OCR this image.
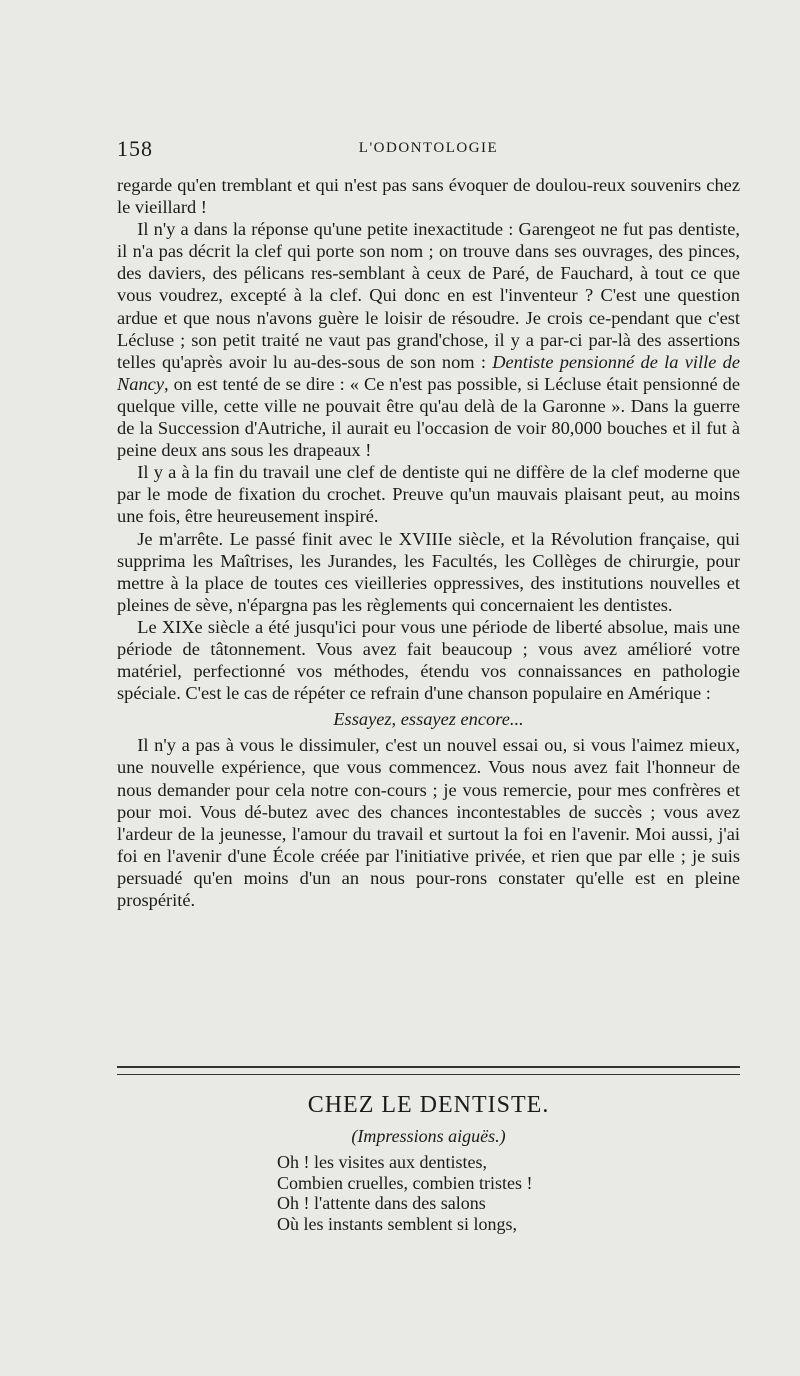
158	L'ODONTOLOGIE

regarde qu'en tremblant et qui n'est pas sans évoquer de doulou-reux souvenirs chez le vieillard !

Il n'y a dans la réponse qu'une petite inexactitude : Garengeot ne fut pas dentiste, il n'a pas décrit la clef qui porte son nom ; on trouve dans ses ouvrages, des pinces, des daviers, des pélicans res-semblant à ceux de Paré, de Fauchard, à tout ce que vous voudrez, excepté à la clef. Qui donc en est l'inventeur ? C'est une question ardue et que nous n'avons guère le loisir de résoudre. Je crois ce-pendant que c'est Lécluse ; son petit traité ne vaut pas grand'chose, il y a par-ci par-là des assertions telles qu'après avoir lu au-des-sous de son nom : Dentiste pensionné de la ville de Nancy, on est tenté de se dire : « Ce n'est pas possible, si Lécluse était pensionné de quelque ville, cette ville ne pouvait être qu'au delà de la Garonne ». Dans la guerre de la Succession d'Autriche, il aurait eu l'occasion de voir 80,000 bouches et il fut à peine deux ans sous les drapeaux !

Il y a à la fin du travail une clef de dentiste qui ne diffère de la clef moderne que par le mode de fixation du crochet. Preuve qu'un mauvais plaisant peut, au moins une fois, être heureusement inspiré.

Je m'arrête. Le passé finit avec le XVIIIe siècle, et la Révolution française, qui supprima les Maîtrises, les Jurandes, les Facultés, les Collèges de chirurgie, pour mettre à la place de toutes ces vieilleries oppressives, des institutions nouvelles et pleines de sève, n'épargna pas les règlements qui concernaient les dentistes.

Le XIXe siècle a été jusqu'ici pour vous une période de liberté absolue, mais une période de tâtonnement. Vous avez fait beaucoup ; vous avez amélioré votre matériel, perfectionné vos méthodes, étendu vos connaissances en pathologie spéciale. C'est le cas de répéter ce refrain d'une chanson populaire en Amérique :

Essayez, essayez encore...

Il n'y a pas à vous le dissimuler, c'est un nouvel essai ou, si vous l'aimez mieux, une nouvelle expérience, que vous commencez. Vous nous avez fait l'honneur de nous demander pour cela notre con-cours ; je vous remercie, pour mes confrères et pour moi. Vous dé-butez avec des chances incontestables de succès ; vous avez l'ardeur de la jeunesse, l'amour du travail et surtout la foi en l'avenir. Moi aussi, j'ai foi en l'avenir d'une École créée par l'initiative privée, et rien que par elle ; je suis persuadé qu'en moins d'un an nous pour-rons constater qu'elle est en pleine prospérité.

CHEZ LE DENTISTE.
(Impressions aiguës.)
Oh ! les visites aux dentistes,
Combien cruelles, combien tristes !
Oh ! l'attente dans des salons
Où les instants semblent si longs,
